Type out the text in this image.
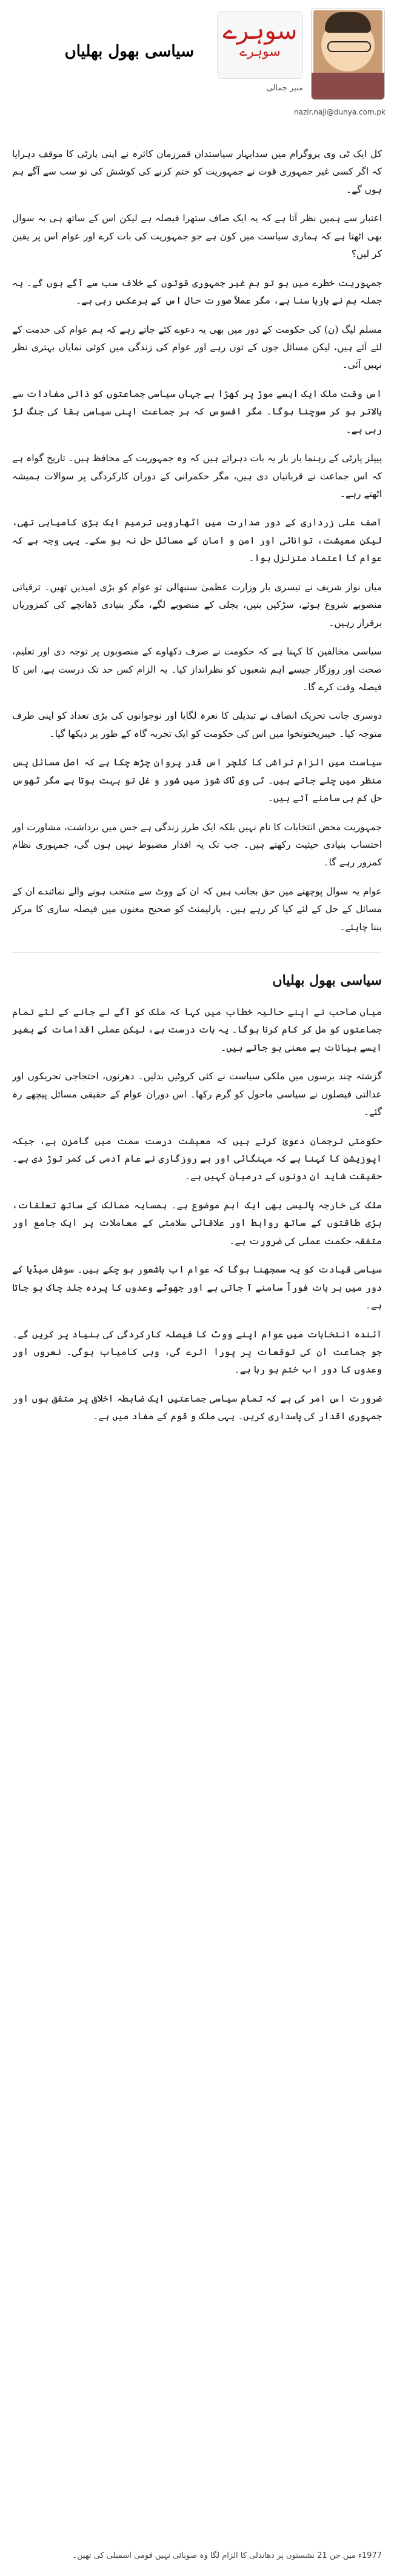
سوہرے
سوہرے
سیاسی بھول بھلیاں
منیر جمالی
nazir.naji@dunya.com.pk

کل ایک ٹی وی پروگرام میں سدابہار سیاستدان قمرزمان کائرہ نے اپنی پارٹی کا موقف دہرایا کہ اگر کسی غیر جمہوری قوت نے جمہوریت کو ختم کرنے کی کوشش کی تو سب سے آگے ہم ہوں گے۔

اعتبار سے ہمیں نظر آتا ہے کہ یہ ایک صاف ستھرا فیصلہ ہے لیکن اس کے ساتھ ہی یہ سوال بھی اٹھتا ہے کہ ہماری سیاست میں کون ہے جو جمہوریت کی بات کرے اور عوام اس پر یقین کر لیں؟

جمہوریت خطرے میں ہو تو ہم غیر جمہوری قوتوں کے خلاف سب سے آگے ہوں گے۔ یہ جملہ ہم نے بارہا سنا ہے، مگر عملاً صورت حال اس کے برعکس رہی ہے۔

مسلم لیگ (ن) کی حکومت کے دور میں بھی یہ دعوے کئے جاتے رہے کہ ہم عوام کی خدمت کے لئے آئے ہیں، لیکن مسائل جوں کے توں رہے اور عوام کی زندگی میں کوئی نمایاں بہتری نظر نہیں آئی۔

اس وقت ملک ایک ایسے موڑ پر کھڑا ہے جہاں سیاسی جماعتوں کو ذاتی مفادات سے بالاتر ہو کر سوچنا ہوگا۔ مگر افسوس کہ ہر جماعت اپنی سیاسی بقا کی جنگ لڑ رہی ہے۔

پیپلز پارٹی کے رہنما بار بار یہ بات دہراتے ہیں کہ وہ جمہوریت کے محافظ ہیں۔ تاریخ گواہ ہے کہ اس جماعت نے قربانیاں دی ہیں، مگر حکمرانی کے دوران کارکردگی پر سوالات ہمیشہ اٹھتے رہے۔

آصف علی زرداری کے دور صدارت میں اٹھارویں ترمیم ایک بڑی کامیابی تھی، لیکن معیشت، توانائی اور امن و امان کے مسائل حل نہ ہو سکے۔ یہی وجہ ہے کہ عوام کا اعتماد متزلزل ہوا۔

میاں نواز شریف نے تیسری بار وزارت عظمیٰ سنبھالی تو عوام کو بڑی امیدیں تھیں۔ ترقیاتی منصوبے شروع ہوئے، سڑکیں بنیں، بجلی کے منصوبے لگے، مگر بنیادی ڈھانچے کی کمزوریاں برقرار رہیں۔

سیاسی مخالفین کا کہنا ہے کہ حکومت نے صرف دکھاوے کے منصوبوں پر توجہ دی اور تعلیم، صحت اور روزگار جیسے اہم شعبوں کو نظرانداز کیا۔ یہ الزام کس حد تک درست ہے، اس کا فیصلہ وقت کرے گا۔

دوسری جانب تحریک انصاف نے تبدیلی کا نعرہ لگایا اور نوجوانوں کی بڑی تعداد کو اپنی طرف متوجہ کیا۔ خیبرپختونخوا میں اس کی حکومت کو ایک تجربہ گاہ کے طور پر دیکھا گیا۔

سیاست میں الزام تراشی کا کلچر اس قدر پروان چڑھ چکا ہے کہ اصل مسائل پس منظر میں چلے جاتے ہیں۔ ٹی وی ٹاک شوز میں شور و غل تو بہت ہوتا ہے مگر ٹھوس حل کم ہی سامنے آتے ہیں۔

جمہوریت محض انتخابات کا نام نہیں بلکہ ایک طرز زندگی ہے جس میں برداشت، مشاورت اور احتساب بنیادی حیثیت رکھتے ہیں۔ جب تک یہ اقدار مضبوط نہیں ہوں گی، جمہوری نظام کمزور رہے گا۔

عوام یہ سوال پوچھنے میں حق بجانب ہیں کہ ان کے ووٹ سے منتخب ہونے والے نمائندے ان کے مسائل کے حل کے لئے کیا کر رہے ہیں۔ پارلیمنٹ کو صحیح معنوں میں فیصلہ سازی کا مرکز بننا چاہئے۔

سیاسی بھول بھلیاں

میاں صاحب نے اپنے حالیہ خطاب میں کہا کہ ملک کو آگے لے جانے کے لئے تمام جماعتوں کو مل کر کام کرنا ہوگا۔ یہ بات درست ہے، لیکن عملی اقدامات کے بغیر ایسے بیانات بے معنی ہو جاتے ہیں۔

گزشتہ چند برسوں میں ملکی سیاست نے کئی کروٹیں بدلیں۔ دھرنوں، احتجاجی تحریکوں اور عدالتی فیصلوں نے سیاسی ماحول کو گرم رکھا۔ اس دوران عوام کے حقیقی مسائل پیچھے رہ گئے۔

حکومتی ترجمان دعویٰ کرتے ہیں کہ معیشت درست سمت میں گامزن ہے، جبکہ اپوزیشن کا کہنا ہے کہ مہنگائی اور بے روزگاری نے عام آدمی کی کمر توڑ دی ہے۔ حقیقت شاید ان دونوں کے درمیان کہیں ہے۔

ملک کی خارجہ پالیسی بھی ایک اہم موضوع ہے۔ ہمسایہ ممالک کے ساتھ تعلقات، بڑی طاقتوں کے ساتھ روابط اور علاقائی سلامتی کے معاملات پر ایک جامع اور متفقہ حکمت عملی کی ضرورت ہے۔

سیاسی قیادت کو یہ سمجھنا ہوگا کہ عوام اب باشعور ہو چکے ہیں۔ سوشل میڈیا کے دور میں ہر بات فوراً سامنے آ جاتی ہے اور جھوٹے وعدوں کا پردہ جلد چاک ہو جاتا ہے۔

آئندہ انتخابات میں عوام اپنے ووٹ کا فیصلہ کارکردگی کی بنیاد پر کریں گے۔ جو جماعت ان کی توقعات پر پورا اترے گی، وہی کامیاب ہوگی۔ نعروں اور وعدوں کا دور اب ختم ہو رہا ہے۔

ضرورت اس امر کی ہے کہ تمام سیاسی جماعتیں ایک ضابطہ اخلاق پر متفق ہوں اور جمہوری اقدار کی پاسداری کریں۔ یہی ملک و قوم کے مفاد میں ہے۔

1977ء میں جن 21 نشستوں پر دھاندلی کا الزام لگا وہ صوبائی نہیں قومی اسمبلی کی تھیں۔
